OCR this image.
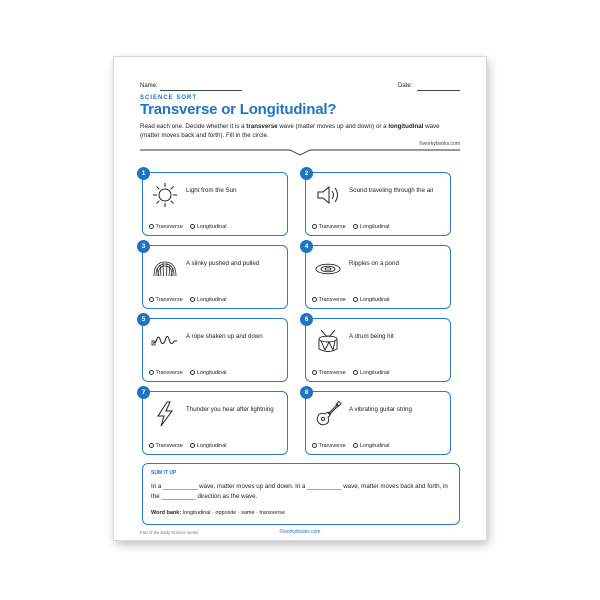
Name:	Date:
SCIENCE SORT
Transverse or Longitudinal?
Read each one. Decide whether it is a transverse wave (matter moves up and down) or a longitudinal wave (matter moves back and forth). Fill in the circle.
©workybooks.com
1
Light from the Sun
Transverse	Longitudinal
2
Sound traveling through the air
Transverse	Longitudinal
3
A slinky pushed and pulled
Transverse	Longitudinal
4
Ripples on a pond
Transverse	Longitudinal
5
A rope shaken up and down
Transverse	Longitudinal
6
A drum being hit
Transverse	Longitudinal
7
Thunder you hear after lightning
Transverse	Longitudinal
8
A vibrating guitar string
Transverse	Longitudinal
SUM IT UP
In a __________ wave, matter moves up and down. In a __________ wave, matter moves back and forth, in the __________ direction as the wave.
Word bank: longitudinal · opposite · same · transverse
Part of the Daily Science series	©workybooks.com
